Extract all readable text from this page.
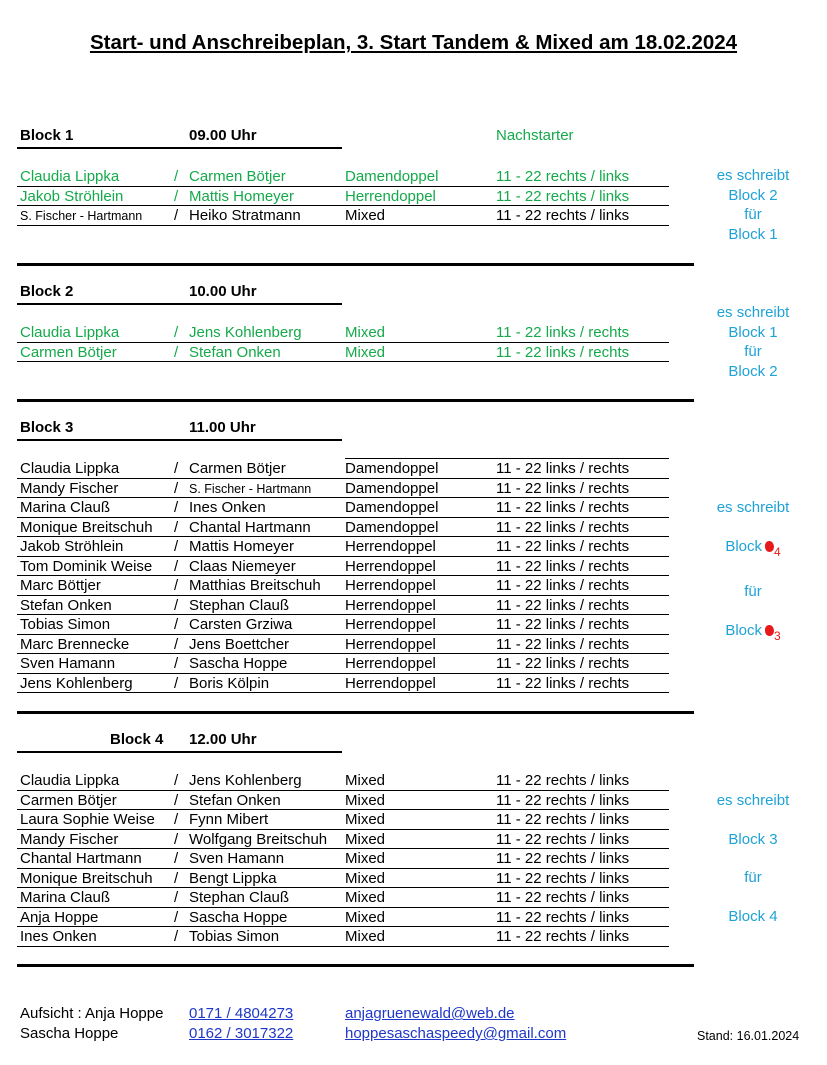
Start- und Anschreibeplan, 3. Start Tandem & Mixed am 18.02.2024
Block 1	09.00 Uhr	Nachstarter
Claudia Lippka	/ Carmen Bötjer	Damendoppel	11 - 22 rechts / links
Jakob Ströhlein	/ Mattis Homeyer	Herrendoppel	11 - 22 rechts / links
S. Fischer - Hartmann / Heiko Stratmann	Mixed	11 - 22 rechts / links
es schreibt
Block 2
für
Block 1
Block 2	10.00 Uhr
Claudia Lippka	/ Jens Kohlenberg	Mixed	11 - 22 links / rechts
Carmen Bötjer	/ Stefan Onken	Mixed	11 - 22 links / rechts
es schreibt
Block 1
für
Block 2
Block 3	11.00 Uhr
Claudia Lippka	/ Carmen Bötjer	Damendoppel	11 - 22 links / rechts
Mandy Fischer	/ S. Fischer - Hartmann Damendoppel	11 - 22 links / rechts
Marina Clauß	/ Ines Onken	Damendoppel	11 - 22 links / rechts
Monique Breitschuh / Chantal Hartmann Damendoppel	11 - 22 links / rechts
Jakob Ströhlein	/ Mattis Homeyer	Herrendoppel	11 - 22 links / rechts
Tom Dominik Weise / Claas Niemeyer	Herrendoppel	11 - 22 links / rechts
Marc Böttjer	/ Matthias Breitschuh Herrendoppel	11 - 22 links / rechts
Stefan Onken	/ Stephan Clauß	Herrendoppel	11 - 22 links / rechts
Tobias Simon	/ Carsten Grziwa	Herrendoppel	11 - 22 links / rechts
Marc Brennecke	/ Jens Boettcher	Herrendoppel	11 - 22 links / rechts
Sven Hamann	/ Sascha Hoppe	Herrendoppel	11 - 22 links / rechts
Jens Kohlenberg	/ Boris Kölpin	Herrendoppel	11 - 22 links / rechts
es schreibt
Block $_4$
für
Block $_3$
Block 4 12.00 Uhr
Claudia Lippka	/ Jens Kohlenberg	Mixed	11 - 22 rechts / links
Carmen Bötjer	/ Stefan Onken	Mixed	11 - 22 rechts / links
Laura Sophie Weise / Fynn Mibert	Mixed	11 - 22 rechts / links
Mandy Fischer	/ Wolfgang Breitschuh Mixed	11 - 22 rechts / links
Chantal Hartmann / Sven Hamann	Mixed	11 - 22 rechts / links
Monique Breitschuh / Bengt Lippka	Mixed	11 - 22 rechts / links
Marina Clauß	/ Stephan Clauß	Mixed	11 - 22 rechts / links
Anja Hoppe	/ Sascha Hoppe	Mixed	11 - 22 rechts / links
Ines Onken	/ Tobias Simon	Mixed	11 - 22 rechts / links
es schreibt
Block 3
für
Block 4
Aufsicht : Anja Hoppe 0171 / 4804273	anjagruenewald@web.de
Sascha Hoppe	0162 / 3017322	hoppesaschaspeedy@gmail.com	Stand: 16.01.2024
